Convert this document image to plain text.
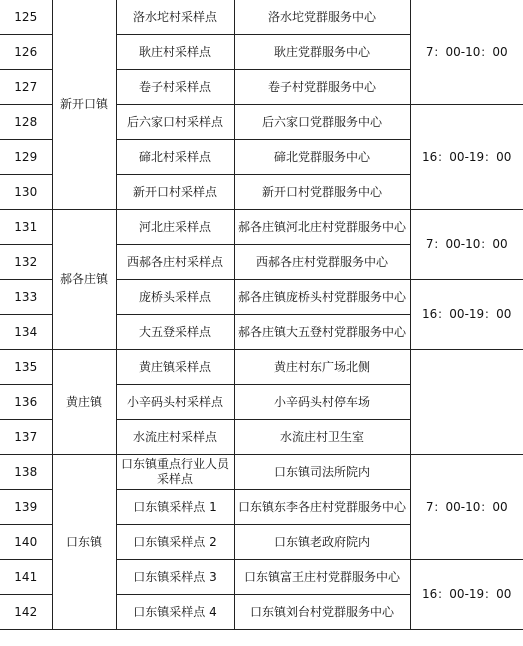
125	新开口镇	洛水坨村采样点	洛水坨党群服务中心	7：00-10：00
126		耿庄村采样点	耿庄党群服务中心	
127		卷子村采样点	卷子村党群服务中心	
128		后六家口村采样点	后六家口党群服务中心	16：00-19：00
129		碲北村采样点	碲北党群服务中心	
130		新开口村采样点	新开口村党群服务中心	
131	郝各庄镇	河北庄采样点	郝各庄镇河北庄村党群服务中心	7：00-10：00
132		西郝各庄村采样点	西郝各庄村党群服务中心	
133		庞桥头采样点	郝各庄镇庞桥头村党群服务中心	16：00-19：00
134		大五登采样点	郝各庄镇大五登村党群服务中心	
135	黄庄镇	黄庄镇采样点	黄庄村东广场北侧	
136		小辛码头村采样点	小辛码头村停车场	
137		水流庄村采样点	水流庄村卫生室	
138	口东镇	口东镇重点行业人员采样点	口东镇司法所院内	7：00-10：00
139		口东镇采样点 1	口东镇东李各庄村党群服务中心	
140		口东镇采样点 2	口东镇老政府院内	
141		口东镇采样点 3	口东镇富王庄村党群服务中心	16：00-19：00
142		口东镇采样点 4	口东镇刘台村党群服务中心	
